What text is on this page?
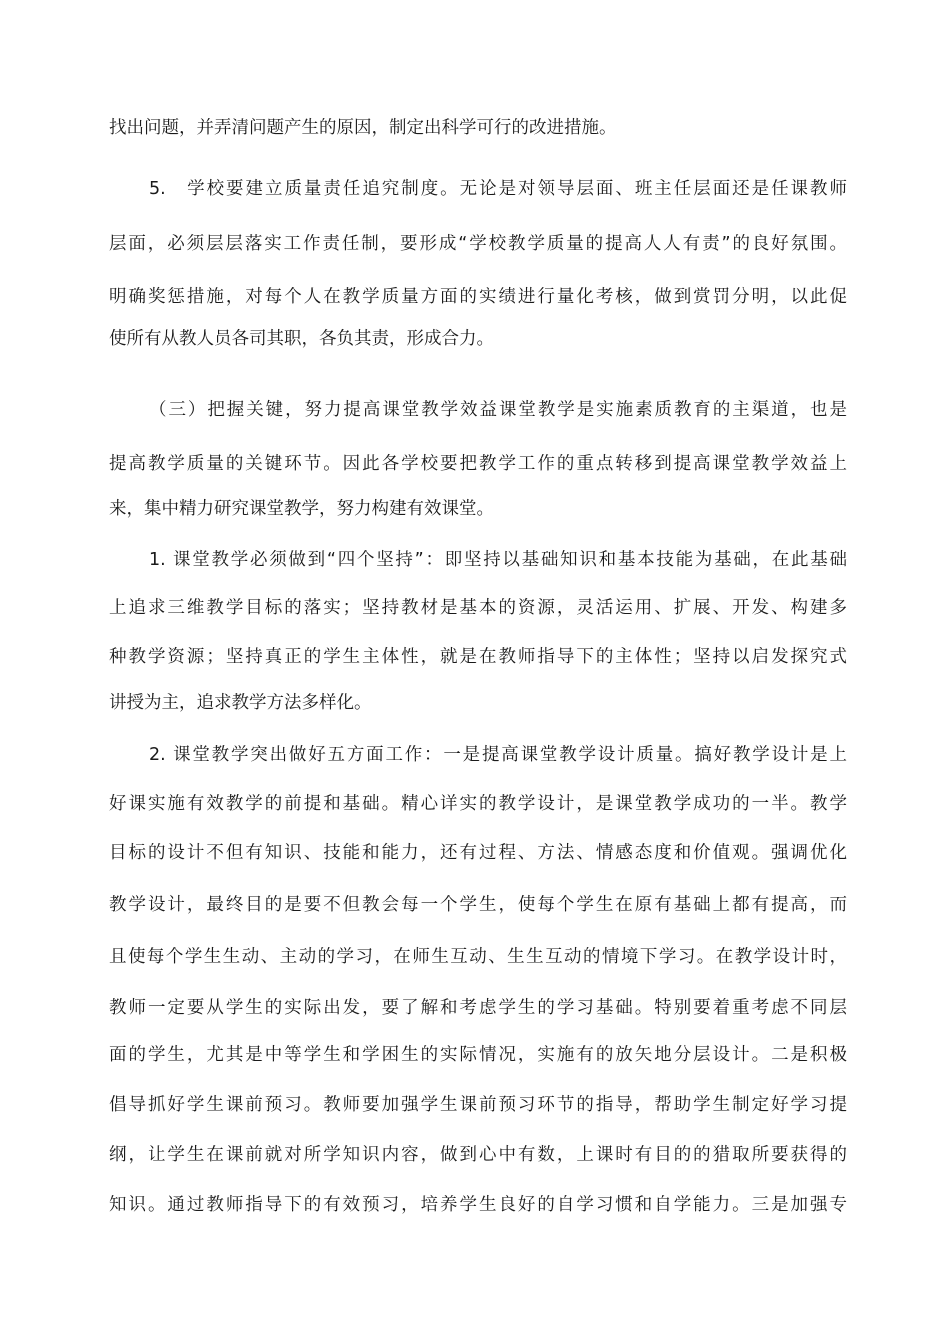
找出问题，并弄清问题产生的原因，制定出科学可行的改进措施。
5.　学校要建立质量责任追究制度。无论是对领导层面、班主任层面还是任课教师
层面，必须层层落实工作责任制，要形成“学校教学质量的提高人人有责”的良好氛围。
明确奖惩措施，对每个人在教学质量方面的实绩进行量化考核，做到赏罚分明，以此促
使所有从教人员各司其职，各负其责，形成合力。
（三）把握关键，努力提高课堂教学效益课堂教学是实施素质教育的主渠道，也是
提高教学质量的关键环节。因此各学校要把教学工作的重点转移到提高课堂教学效益上
来，集中精力研究课堂教学，努力构建有效课堂。
1. 课堂教学必须做到“四个坚持”：即坚持以基础知识和基本技能为基础，在此基础
上追求三维教学目标的落实；坚持教材是基本的资源，灵活运用、扩展、开发、构建多
种教学资源；坚持真正的学生主体性，就是在教师指导下的主体性；坚持以启发探究式
讲授为主，追求教学方法多样化。
2. 课堂教学突出做好五方面工作：一是提高课堂教学设计质量。搞好教学设计是上
好课实施有效教学的前提和基础。精心详实的教学设计，是课堂教学成功的一半。教学
目标的设计不但有知识、技能和能力，还有过程、方法、情感态度和价值观。强调优化
教学设计，最终目的是要不但教会每一个学生，使每个学生在原有基础上都有提高，而
且使每个学生生动、主动的学习，在师生互动、生生互动的情境下学习。在教学设计时，
教师一定要从学生的实际出发，要了解和考虑学生的学习基础。特别要着重考虑不同层
面的学生，尤其是中等学生和学困生的实际情况，实施有的放矢地分层设计。二是积极
倡导抓好学生课前预习。教师要加强学生课前预习环节的指导，帮助学生制定好学习提
纲，让学生在课前就对所学知识内容，做到心中有数，上课时有目的的猎取所要获得的
知识。通过教师指导下的有效预习，培养学生良好的自学习惯和自学能力。三是加强专
